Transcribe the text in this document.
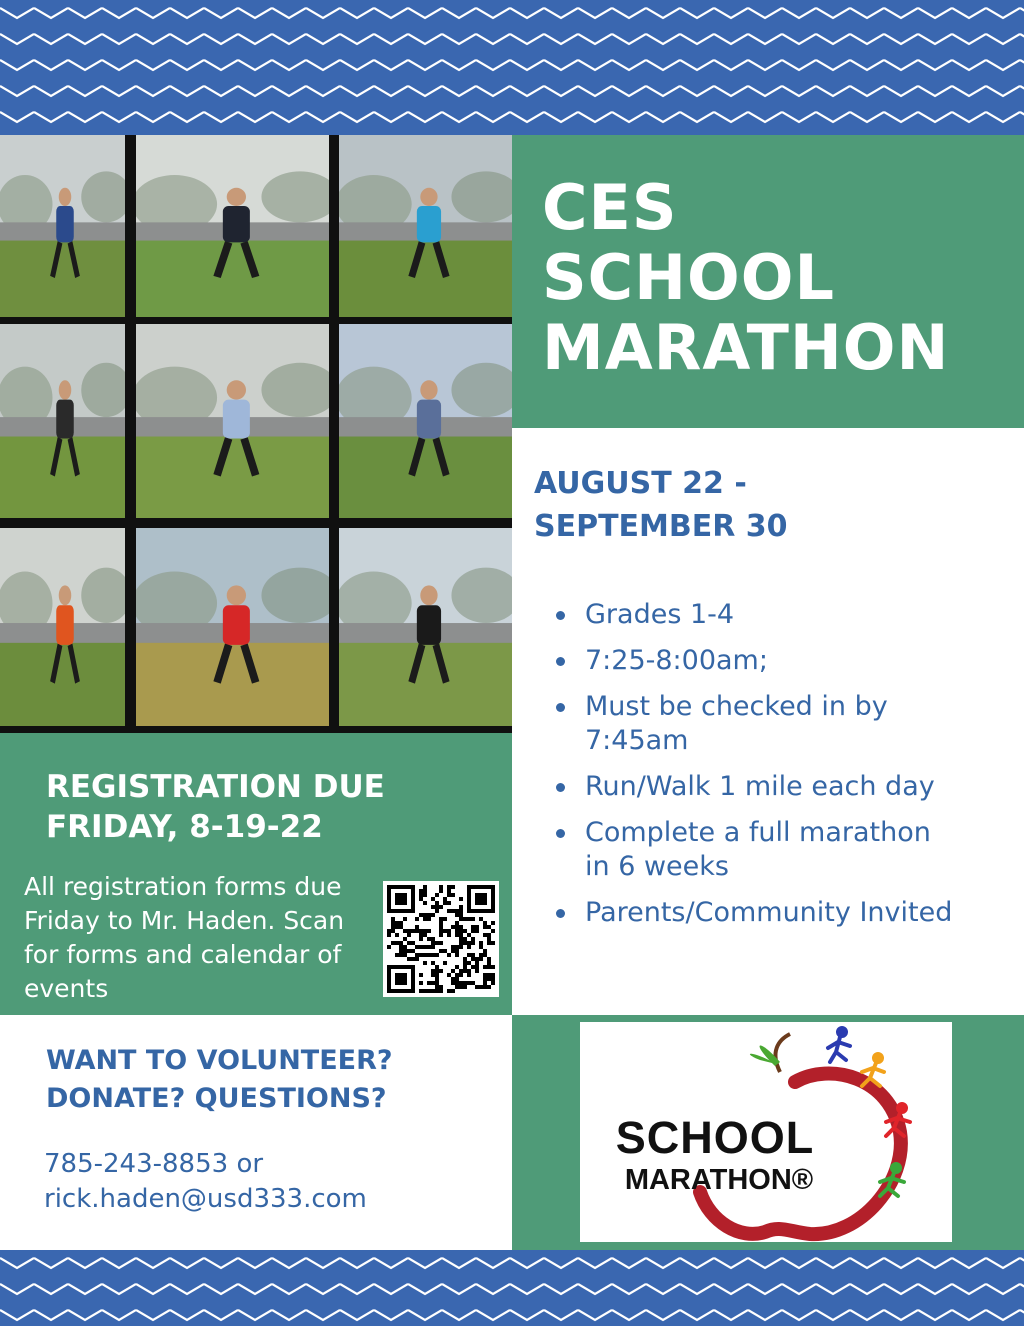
CES
SCHOOL
MARATHON
AUGUST 22 -
SEPTEMBER 30
Grades 1-4
7:25-8:00am;
Must be checked in by 7:45am
Run/Walk 1 mile each day
Complete a full marathon in 6 weeks
Parents/Community Invited
REGISTRATION DUE
FRIDAY, 8-19-22
All registration forms due Friday to Mr. Haden. Scan for forms and calendar of events
WANT TO VOLUNTEER?
DONATE? QUESTIONS?
785-243-8853 or
rick.haden@usd333.com
SCHOOL
MARATHON®
